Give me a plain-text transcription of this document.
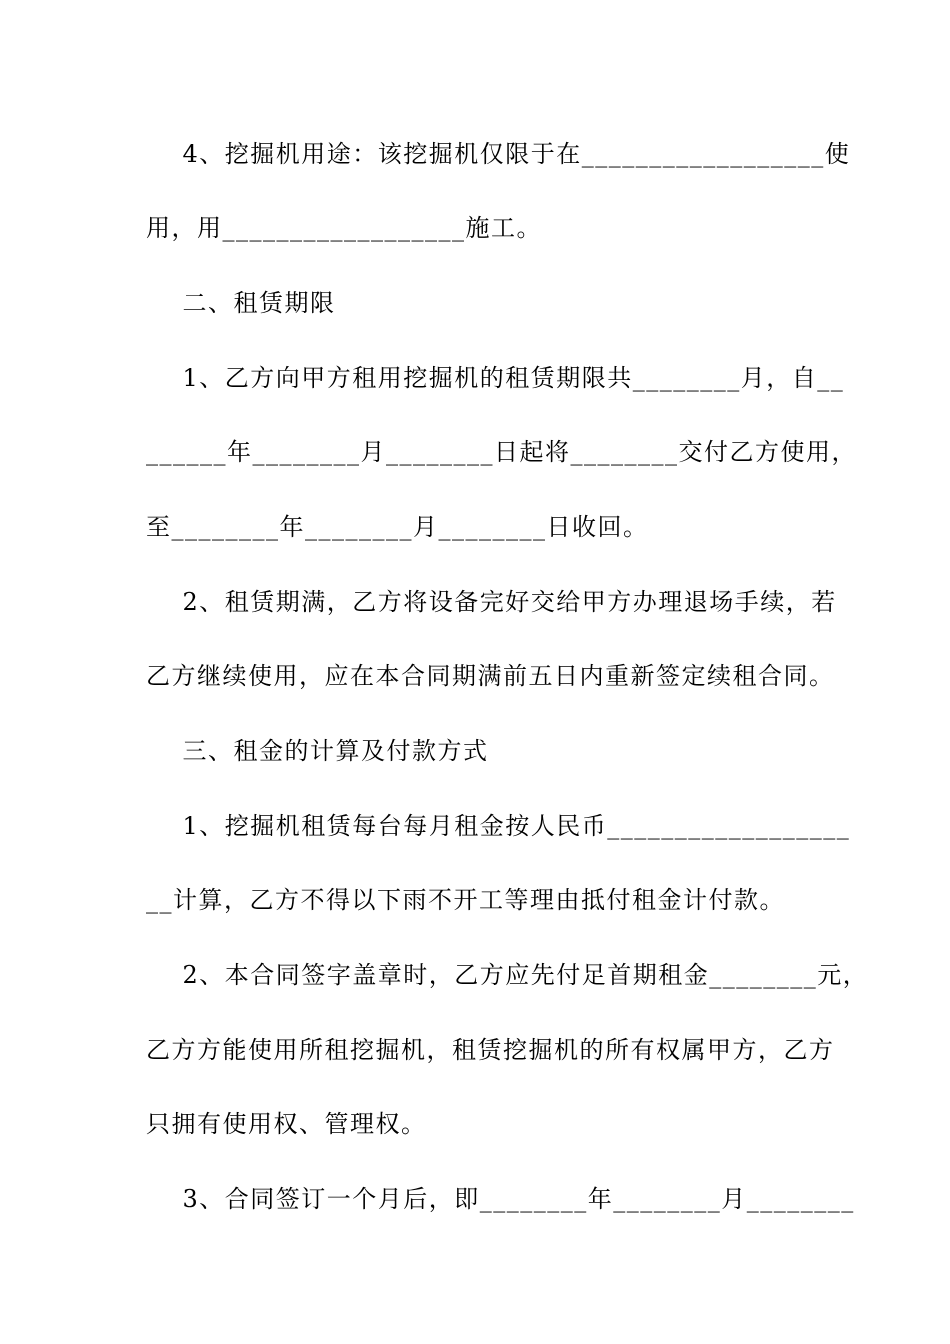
4、挖掘机用途：该挖掘机仅限于在__________________使
用，用__________________施工。
二、租赁期限
1、乙方向甲方租用挖掘机的租赁期限共________月，自__
______年________月________日起将________交付乙方使用，
至________年________月________日收回。
2、租赁期满，乙方将设备完好交给甲方办理退场手续，若
乙方继续使用，应在本合同期满前五日内重新签定续租合同。
三、租金的计算及付款方式
1、挖掘机租赁每台每月租金按人民币__________________
__计算，乙方不得以下雨不开工等理由抵付租金计付款。
2、本合同签字盖章时，乙方应先付足首期租金________元，
乙方方能使用所租挖掘机，租赁挖掘机的所有权属甲方，乙方
只拥有使用权、管理权。
3、合同签订一个月后，即________年________月________
